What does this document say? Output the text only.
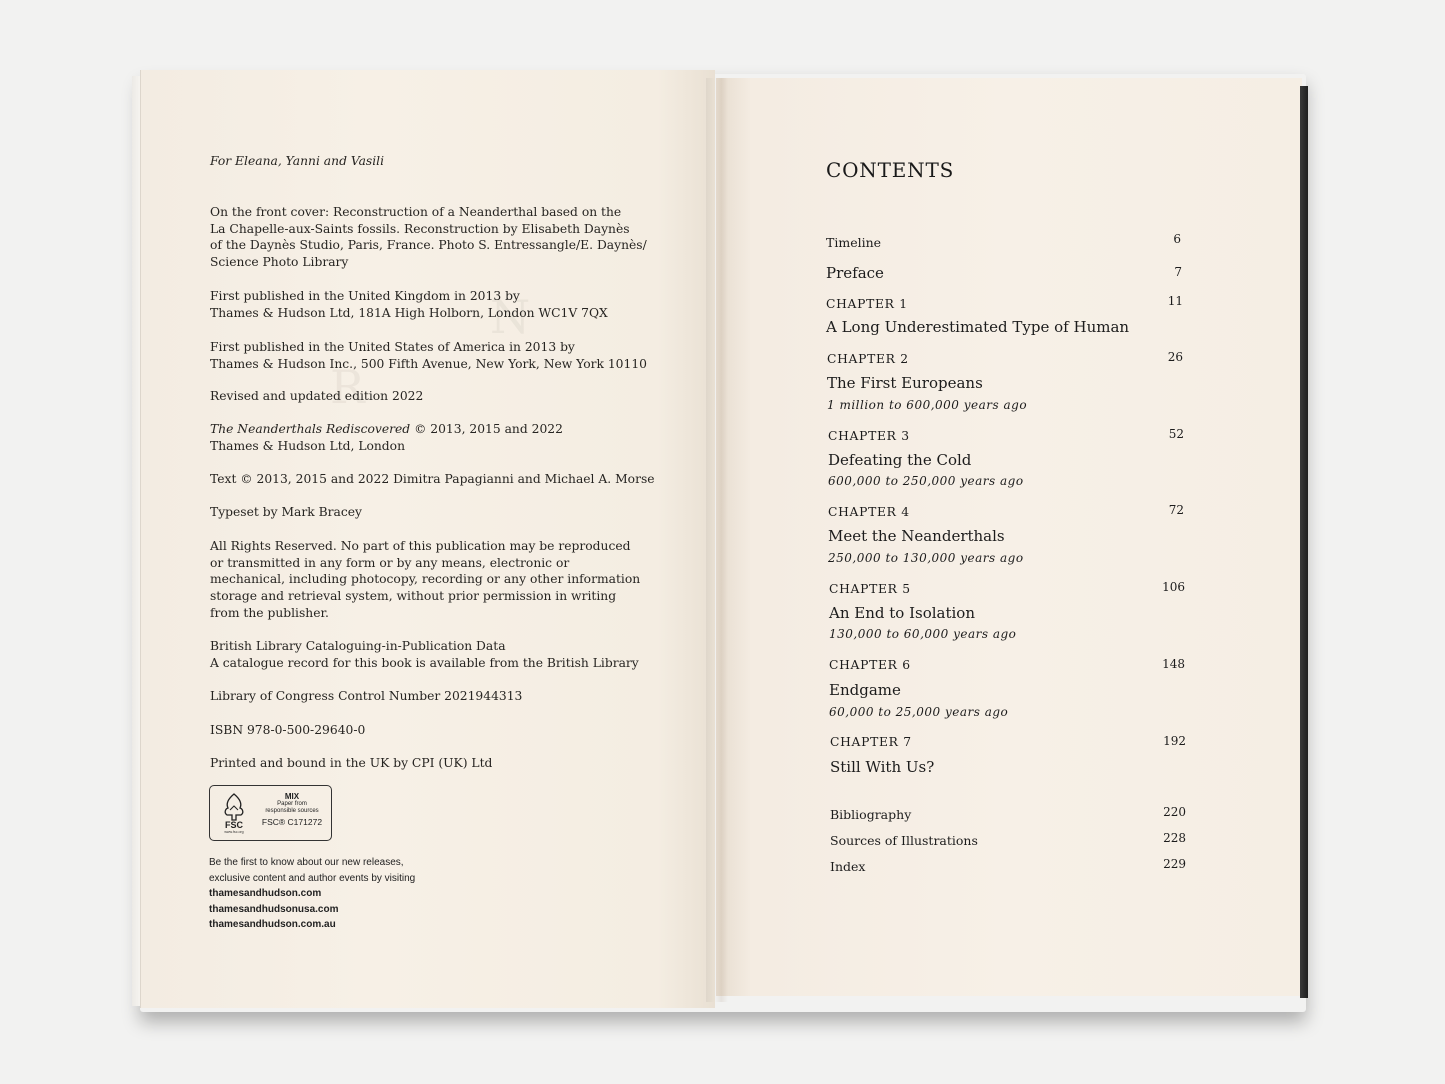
N
R
For Eleana, Yanni and Vasili
On the front cover: Reconstruction of a Neanderthal based on the
La Chapelle-aux-Saints fossils. Reconstruction by Elisabeth Daynès
of the Daynès Studio, Paris, France. Photo S. Entressangle/E. Daynès/
Science Photo Library
First published in the United Kingdom in 2013 by
Thames & Hudson Ltd, 181A High Holborn, London WC1V 7QX
First published in the United States of America in 2013 by
Thames & Hudson Inc., 500 Fifth Avenue, New York, New York 10110
Revised and updated edition 2022
The Neanderthals Rediscovered © 2013, 2015 and 2022
Thames & Hudson Ltd, London
Text © 2013, 2015 and 2022 Dimitra Papagianni and Michael A. Morse
Typeset by Mark Bracey
All Rights Reserved. No part of this publication may be reproduced
or transmitted in any form or by any means, electronic or
mechanical, including photocopy, recording or any other information
storage and retrieval system, without prior permission in writing
from the publisher.
British Library Cataloguing-in-Publication Data
A catalogue record for this book is available from the British Library
Library of Congress Control Number 2021944313
ISBN 978-0-500-29640-0
Printed and bound in the UK by CPI (UK) Ltd
FSC
www.fsc.org
MIX
Paper from
responsible sources
FSC® C171272
Be the first to know about our new releases,
exclusive content and author events by visiting
thamesandhudson.com
thamesandhudsonusa.com
thamesandhudson.com.au
CONTENTS
Timeline	6
Preface	7
CHAPTER 1	11
A Long Underestimated Type of Human
CHAPTER 2	26
The First Europeans
1 million to 600,000 years ago
CHAPTER 3	52
Defeating the Cold
600,000 to 250,000 years ago
CHAPTER 4	72
Meet the Neanderthals
250,000 to 130,000 years ago
CHAPTER 5	106
An End to Isolation
130,000 to 60,000 years ago
CHAPTER 6	148
Endgame
60,000 to 25,000 years ago
CHAPTER 7	192
Still With Us?
Bibliography	220
Sources of Illustrations	228
Index	229
